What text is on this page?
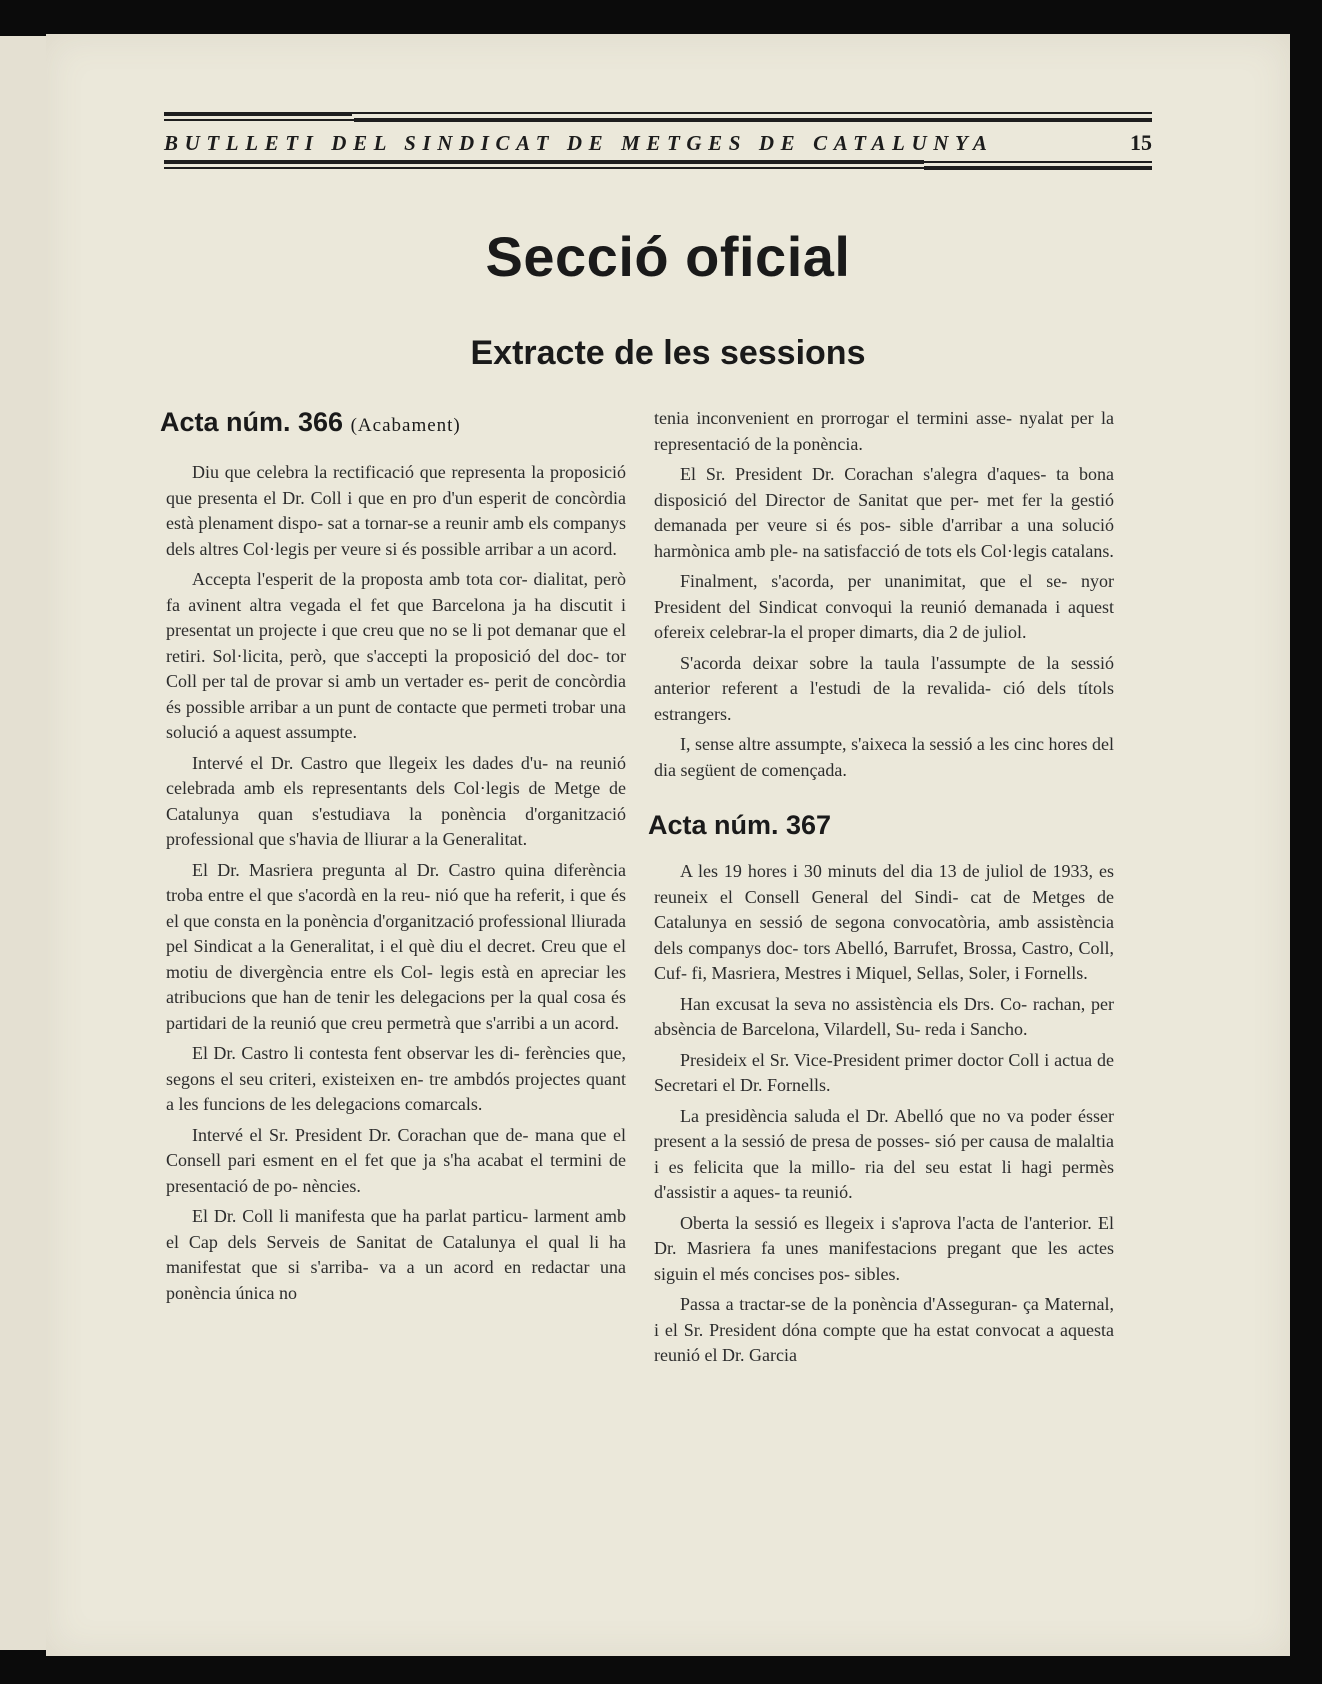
BUTLLETI DEL SINDICAT DE METGES DE CATALUNYA	15
Secció oficial
Extracte de les sessions
Acta núm. 366 (Acabament)

Diu que celebra la rectificació que representa la proposició que presenta el Dr. Coll i que en pro d'un esperit de concòrdia està plenament dispo- sat a tornar-se a reunir amb els companys dels altres Col·legis per veure si és possible arribar a un acord.

Accepta l'esperit de la proposta amb tota cor- dialitat, però fa avinent altra vegada el fet que Barcelona ja ha discutit i presentat un projecte i que creu que no se li pot demanar que el retiri. Sol·licita, però, que s'accepti la proposició del doc- tor Coll per tal de provar si amb un vertader es- perit de concòrdia és possible arribar a un punt de contacte que permeti trobar una solució a aquest assumpte.

Intervé el Dr. Castro que llegeix les dades d'u- na reunió celebrada amb els representants dels Col·legis de Metge de Catalunya quan s'estudiava la ponència d'organització professional que s'havia de lliurar a la Generalitat.

El Dr. Masriera pregunta al Dr. Castro quina diferència troba entre el que s'acordà en la reu- nió que ha referit, i que és el que consta en la ponència d'organització professional lliurada pel Sindicat a la Generalitat, i el què diu el decret. Creu que el motiu de divergència entre els Col- legis està en apreciar les atribucions que han de tenir les delegacions per la qual cosa és partidari de la reunió que creu permetrà que s'arribi a un acord.

El Dr. Castro li contesta fent observar les di- ferències que, segons el seu criteri, existeixen en- tre ambdós projectes quant a les funcions de les delegacions comarcals.

Intervé el Sr. President Dr. Corachan que de- mana que el Consell pari esment en el fet que ja s'ha acabat el termini de presentació de po- nències.

El Dr. Coll li manifesta que ha parlat particu- larment amb el Cap dels Serveis de Sanitat de Catalunya el qual li ha manifestat que si s'arriba- va a un acord en redactar una ponència única no

tenia inconvenient en prorrogar el termini asse- nyalat per la representació de la ponència.

El Sr. President Dr. Corachan s'alegra d'aques- ta bona disposició del Director de Sanitat que per- met fer la gestió demanada per veure si és pos- sible d'arribar a una solució harmònica amb ple- na satisfacció de tots els Col·legis catalans.

Finalment, s'acorda, per unanimitat, que el se- nyor President del Sindicat convoqui la reunió demanada i aquest ofereix celebrar-la el proper dimarts, dia 2 de juliol.

S'acorda deixar sobre la taula l'assumpte de la sessió anterior referent a l'estudi de la revalida- ció dels títols estrangers.

I, sense altre assumpte, s'aixeca la sessió a les cinc hores del dia següent de començada.

Acta núm. 367

A les 19 hores i 30 minuts del dia 13 de juliol de 1933, es reuneix el Consell General del Sindi- cat de Metges de Catalunya en sessió de segona convocatòria, amb assistència dels companys doc- tors Abelló, Barrufet, Brossa, Castro, Coll, Cuf- fi, Masriera, Mestres i Miquel, Sellas, Soler, i Fornells.

Han excusat la seva no assistència els Drs. Co- rachan, per absència de Barcelona, Vilardell, Su- reda i Sancho.

Presideix el Sr. Vice-President primer doctor Coll i actua de Secretari el Dr. Fornells.

La presidència saluda el Dr. Abelló que no va poder ésser present a la sessió de presa de posses- sió per causa de malaltia i es felicita que la millo- ria del seu estat li hagi permès d'assistir a aques- ta reunió.

Oberta la sessió es llegeix i s'aprova l'acta de l'anterior. El Dr. Masriera fa unes manifestacions pregant que les actes siguin el més concises pos- sibles.

Passa a tractar-se de la ponència d'Asseguran- ça Maternal, i el Sr. President dóna compte que ha estat convocat a aquesta reunió el Dr. Garcia
